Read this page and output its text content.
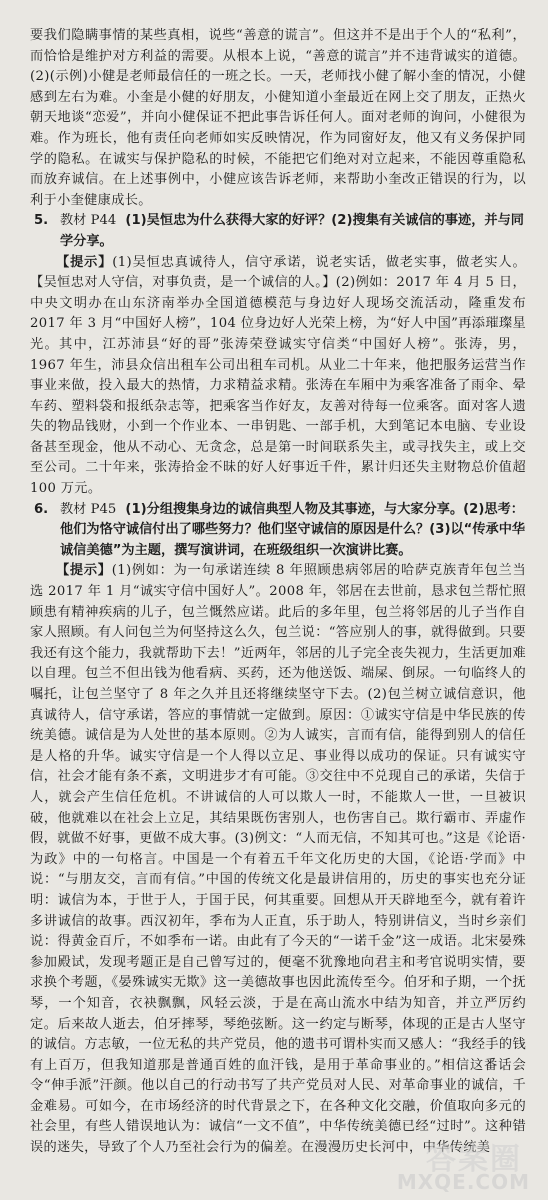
要我们隐瞒事情的某些真相，说些“善意的谎言”。但这并不是出于个人的“私利”，而恰恰是维护对方利益的需要。从根本上说，“善意的谎言”并不违背诚实的道德。(2)(示例)小健是老师最信任的一班之长。一天，老师找小健了解小奎的情况，小健感到左右为难。小奎是小健的好朋友，小健知道小奎最近在网上交了朋友，正热火朝天地谈“恋爱”，并向小健保证不把此事告诉任何人。面对老师的询问，小健很为难。作为班长，他有责任向老师如实反映情况，作为同窗好友，他又有义务保护同学的隐私。在诚实与保护隐私的时候，不能把它们绝对对立起来，不能因尊重隐私而放弃诚信。在上述事例中，小健应该告诉老师，来帮助小奎改正错误的行为，以利于小奎健康成长。

5. 教材 P44 (1)吴恒忠为什么获得大家的好评？(2)搜集有关诚信的事迹，并与同学分享。

【提示】(1)吴恒忠真诚待人，信守承诺，说老实话，做老实事，做老实人。【吴恒忠对人守信，对事负责，是一个诚信的人。】(2)例如：2017 年 4 月 5 日，中央文明办在山东济南举办全国道德模范与身边好人现场交流活动，隆重发布 2017 年 3 月“中国好人榜”，104 位身边好人光荣上榜，为“好人中国”再添璀璨星光。其中，江苏沛县“好的哥”张涛荣登诚实守信类“中国好人榜”。张涛，男，1967 年生，沛县众信出租车公司出租车司机。从业二十年来，他把服务运营当作事业来做，投入最大的热情，力求精益求精。张涛在车厢中为乘客准备了雨伞、晕车药、塑料袋和报纸杂志等，把乘客当作好友，友善对待每一位乘客。面对客人遗失的物品钱财，小到一个作业本、一串钥匙、一部手机，大到笔记本电脑、专业设备甚至现金，他从不动心、无贪念，总是第一时间联系失主，或寻找失主，或上交至公司。二十年来，张涛拾金不昧的好人好事近千件，累计归还失主财物总价值超 100 万元。

6. 教材 P45 (1)分组搜集身边的诚信典型人物及其事迹，与大家分享。(2)思考：他们为恪守诚信付出了哪些努力？他们坚守诚信的原因是什么？(3)以“传承中华诚信美德”为主题，撰写演讲词，在班级组织一次演讲比赛。

【提示】(1)例如：为一句承诺连续 8 年照顾患病邻居的哈萨克族青年包兰当选 2017 年 1 月“诚实守信中国好人”。2008 年，邻居在去世前，恳求包兰帮忙照顾患有精神疾病的儿子，包兰慨然应诺。此后的多年里，包兰将邻居的儿子当作自家人照顾。有人问包兰为何坚持这么久，包兰说：“答应别人的事，就得做到。只要我还有这个能力，我就帮助下去！”近两年，邻居的儿子完全丧失视力，生活更加难以自理。包兰不但出钱为他看病、买药，还为他送饭、端屎、倒尿。一句临终人的嘱托，让包兰坚守了 8 年之久并且还将继续坚守下去。(2)包兰树立诚信意识，他真诚待人，信守承诺，答应的事情就一定做到。原因：①诚实守信是中华民族的传统美德。诚信是为人处世的基本原则。②为人诚实，言而有信，能得到别人的信任是人格的升华。诚实守信是一个人得以立足、事业得以成功的保证。只有诚实守信，社会才能有条不紊，文明进步才有可能。③交往中不兑现自己的承诺，失信于人，就会产生信任危机。不讲诚信的人可以欺人一时，不能欺人一世，一旦被识破，他就难以在社会上立足，其结果既伤害别人，也伤害自己。欺行霸市、弄虚作假，就做不好事，更做不成大事。(3)例文：“人而无信，不知其可也。”这是《论语·为政》中的一句格言。中国是一个有着五千年文化历史的大国，《论语·学而》中说：“与朋友交，言而有信。”中国的传统文化是最讲信用的，历史的事实也充分证明：诚信为本，于世于人，于国于民，何其重要。回想从开天辟地至今，就有着许多讲诚信的故事。西汉初年，季布为人正直，乐于助人，特别讲信义，当时乡亲们说：得黄金百斤，不如季布一诺。由此有了今天的“一诺千金”这一成语。北宋晏殊参加殿试，发现考题正是自己曾写过的，便毫不犹豫地向君主和考官说明实情，要求换个考题，《晏殊诚实无欺》这一美德故事也因此流传至今。伯牙和子期，一个抚琴，一个知音，衣袂飘飘，风轻云淡，于是在高山流水中结为知音，并立严厉约定。后来故人逝去，伯牙摔琴，琴绝弦断。这一约定与断琴，体现的正是古人坚守的诚信。方志敏，一位无私的共产党员，他的遗书可谓朴实而又感人：“我经手的钱有上百万，但我知道那是普通百姓的血汗钱，是用于革命事业的。”相信这番话会令“伸手派”汗颜。他以自己的行动书写了共产党员对人民、对革命事业的诚信，千金难易。可如今，在市场经济的时代背景之下，在各种文化交融，价值取向多元的社会里，有些人错误地认为：诚信“一文不值”，中华传统美德已经“过时”。这种错误的迷失，导致了个人乃至社会行为的偏差。在漫漫历史长河中，中华传统美

答案圈
MXQE.COM
